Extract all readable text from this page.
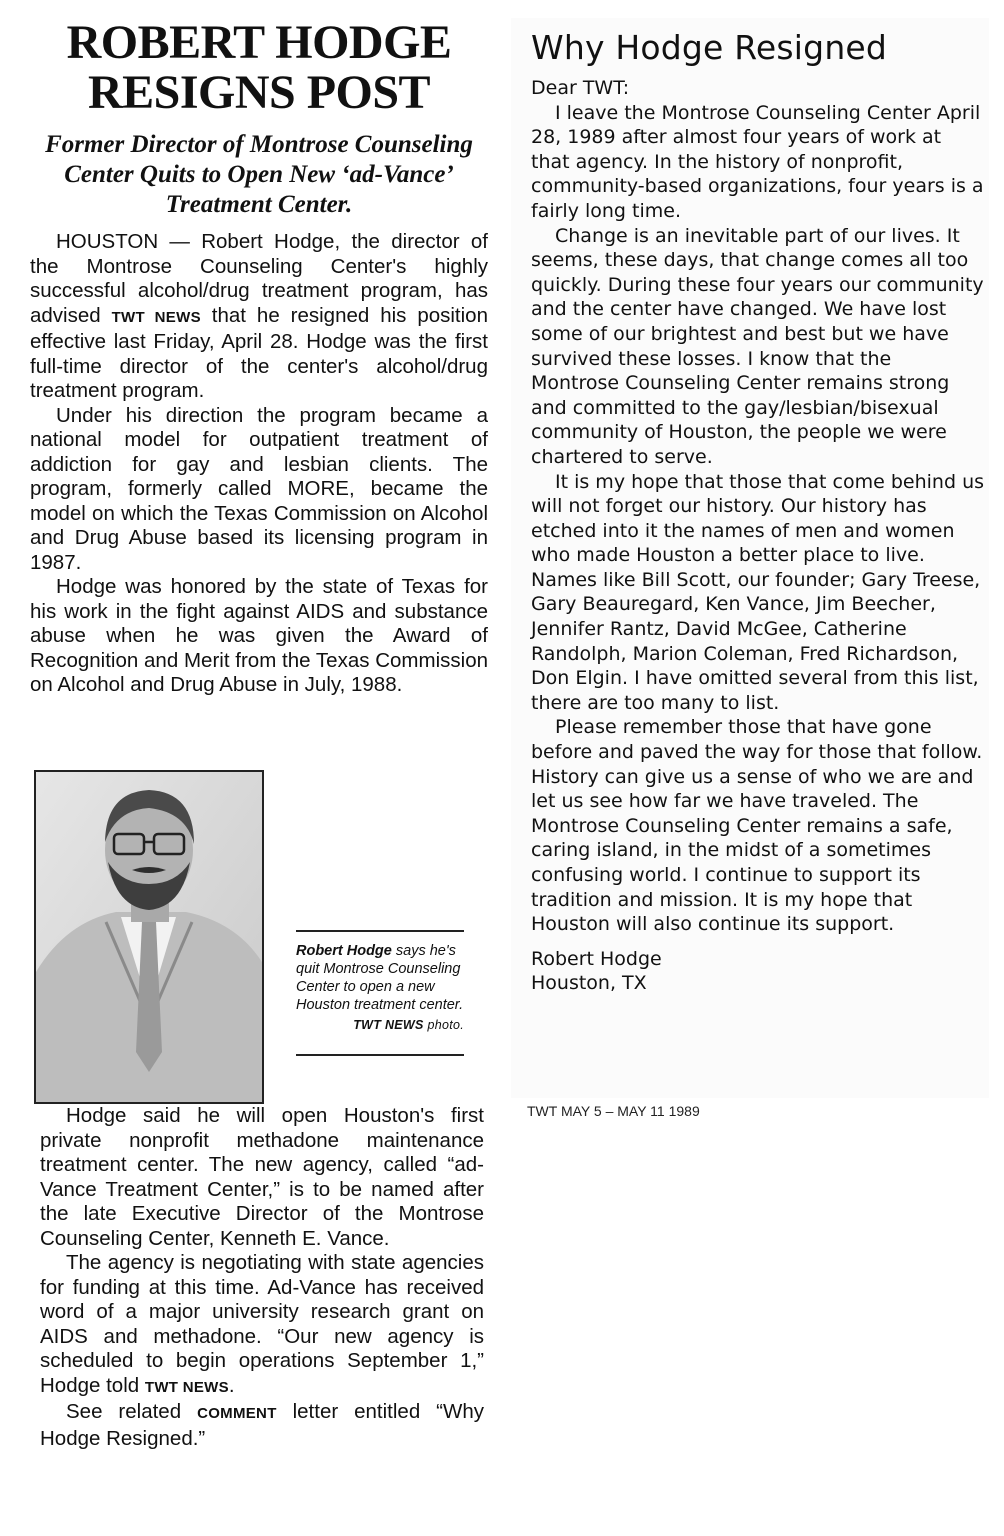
ROBERT HODGE RESIGNS POST
Former Director of Montrose Counseling Center Quits to Open New ‘ad-Vance’ Treatment Center.

HOUSTON — Robert Hodge, the director of the Montrose Counseling Center's highly successful alcohol/drug treatment program, has advised TWT NEWS that he resigned his position effective last Friday, April 28. Hodge was the first full-time director of the center's alcohol/drug treatment program.

Under his direction the program became a national model for outpatient treatment of addiction for gay and lesbian clients. The program, formerly called MORE, became the model on which the Texas Commission on Alcohol and Drug Abuse based its licensing program in 1987.

Hodge was honored by the state of Texas for his work in the fight against AIDS and substance abuse when he was given the Award of Recognition and Merit from the Texas Commission on Alcohol and Drug Abuse in July, 1988.

Robert Hodge says he's quit Montrose Counseling Center to open a new Houston treatment center.

TWT NEWS photo.

Hodge said he will open Houston's first private nonprofit methadone maintenance treatment center. The new agency, called “ad-Vance Treatment Center,” is to be named after the late Executive Director of the Montrose Counseling Center, Kenneth E. Vance.

The agency is negotiating with state agencies for funding at this time. Ad-Vance has received word of a major university research grant on AIDS and methadone. “Our new agency is scheduled to begin operations September 1,” Hodge told TWT NEWS.

See related COMMENT letter entitled “Why Hodge Resigned.”

Why Hodge Resigned

Dear TWT:

I leave the Montrose Counseling Center April 28, 1989 after almost four years of work at that agency. In the history of nonprofit, community-based organizations, four years is a fairly long time.

Change is an inevitable part of our lives. It seems, these days, that change comes all too quickly. During these four years our community and the center have changed. We have lost some of our brightest and best but we have survived these losses. I know that the Montrose Counseling Center remains strong and committed to the gay/lesbian/bisexual community of Houston, the people we were chartered to serve.

It is my hope that those that come behind us will not forget our history. Our history has etched into it the names of men and women who made Houston a better place to live. Names like Bill Scott, our founder; Gary Treese, Gary Beauregard, Ken Vance, Jim Beecher, Jennifer Rantz, David McGee, Catherine Randolph, Marion Coleman, Fred Richardson, Don Elgin. I have omitted several from this list, there are too many to list.

Please remember those that have gone before and paved the way for those that follow. History can give us a sense of who we are and let us see how far we have traveled. The Montrose Counseling Center remains a safe, caring island, in the midst of a sometimes confusing world. I continue to support its tradition and mission. It is my hope that Houston will also continue its support.

Robert Hodge

Houston, TX

TWT MAY 5 – MAY 11 1989
